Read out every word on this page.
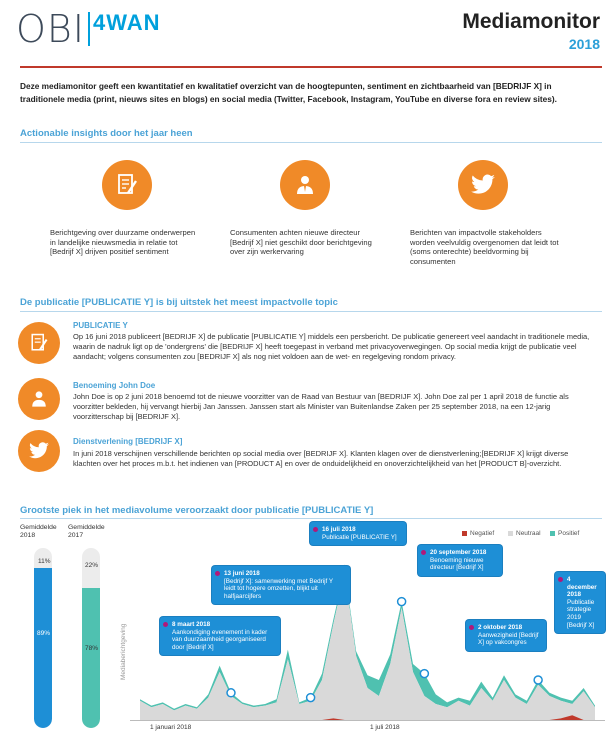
OBI 4WAN	Mediamonitor
2018
Deze mediamonitor geeft een kwantitatief en kwalitatief overzicht van de hoogtepunten, sentiment en zichtbaarheid van [BEDRIJF X] in traditionele media (print, nieuws sites en blogs) en social media (Twitter, Facebook, Instagram, YouTube en diverse fora en review sites).
Actionable insights door het jaar heen
Berichtgeving over duurzame onderwerpen in landelijke nieuwsmedia in relatie tot [Bedrijf X] drijven positief sentiment
Consumenten achten nieuwe directeur [Bedrijf X] niet geschikt door berichtgeving over zijn werkervaring
Berichten van impactvolle stakeholders worden veelvuldig overgenomen dat leidt tot (soms onterechte) beeldvorming bij consumenten
De publicatie [PUBLICATIE Y] is bij uitstek het meest impactvolle topic
PUBLICATIE Y
Op 16 juni 2018 publiceert [BEDRIJF X] de publicatie [PUBLICATIE Y] middels een persbericht. De publicatie genereert veel aandacht in traditionele media, waarin de nadruk ligt op de 'ondergrens' die [BEDRIJF X] heeft toegepast in verband met privacyoverwegingen. Op social media krijgt de publicatie veel aandacht; volgens consumenten zou [BEDRIJF X] als nog niet voldoen aan de wet- en regelgeving rondom privacy.
Benoeming John Doe
John Doe is op 2 juni 2018 benoemd tot de nieuwe voorzitter van de Raad van Bestuur van [BEDRIJF X]. John Doe zal per 1 april 2018 de functie als voorzitter bekleden, hij vervangt hierbij Jan Janssen. Janssen start als Minister van Buitenlandse Zaken per 25 september 2018, na een 12-jarig voorzitterschap bij [BEDRIJF X].
Dienstverlening [BEDRIJF X]
In juni 2018 verschijnen verschillende berichten op social media over [BEDRIJF X]. Klanten klagen over de dienstverlening;[BEDRIJF X] krijgt diverse klachten over het proces m.b.t. het indienen van [PRODUCT A] en over de onduidelijkheid en onoverzichtelijkheid van het [PRODUCT B]-overzicht.
Grootste piek in het mediavolume veroorzaakt door publicatie [PUBLICATIE Y]
Gemiddelde 2018
Gemiddelde 2017
11%
89%
22%
78%
Negatief	Neutraal	Positief
Mediaberichtgeving
1 januari 2018	1 juli 2018
8 maart 2018
Aankondiging evenement in kader van duurzaamheid georganiseerd door [Bedrijf X]
13 juni 2018
[Bedrijf X]: samenwerking met Bedrijf Y leidt tot hogere omzetten, blijkt uit halfjaarcijfers
16 juli 2018
Publicatie [PUBLICATIE Y]
20 september 2018
Benoeming nieuwe directeur [Bedrijf X]
2 oktober 2018
Aanwezigheid [Bedrijf X] op vakcongres
4 december 2018
Publicatie strategie 2019 [Bedrijf X]
